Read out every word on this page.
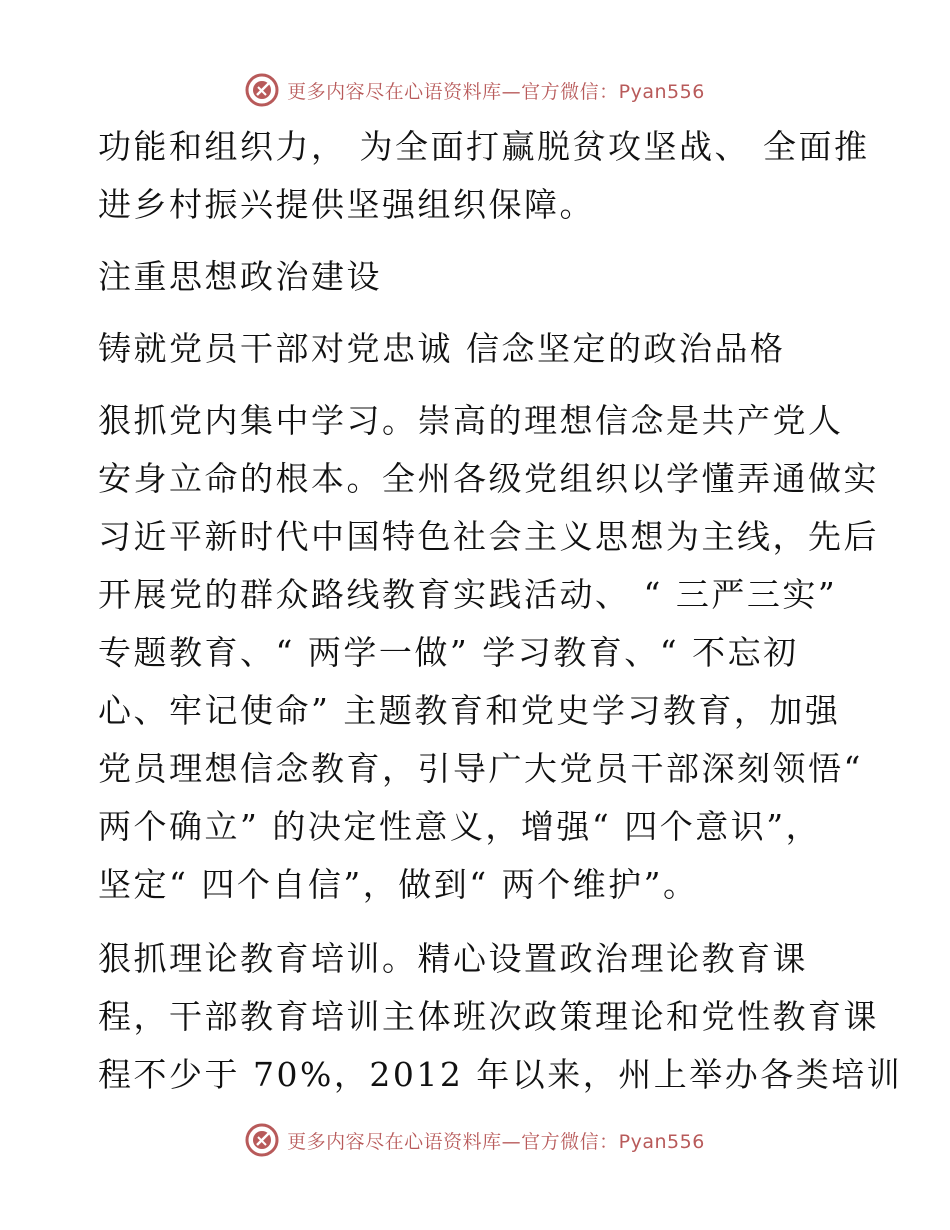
更多内容尽在心语资料库—官方微信：Pyan556

功能和组织力， 为全面打赢脱贫攻坚战、 全面推
进乡村振兴提供坚强组织保障。

注重思想政治建设

铸就党员干部对党忠诚 信念坚定的政治品格

狠抓党内集中学习。崇高的理想信念是共产党人
安身立命的根本。全州各级党组织以学懂弄通做实
习近平新时代中国特色社会主义思想为主线，先后
开展党的群众路线教育实践活动、 “ 三严三实”
专题教育、“ 两学一做” 学习教育、“ 不忘初
心、牢记使命” 主题教育和党史学习教育，加强
党员理想信念教育，引导广大党员干部深刻领悟“
两个确立” 的决定性意义，增强“ 四个意识”，
坚定“ 四个自信”，做到“ 两个维护”。

狠抓理论教育培训。精心设置政治理论教育课
程，干部教育培训主体班次政策理论和党性教育课
程不少于 70%，2012 年以来，州上举办各类培训

更多内容尽在心语资料库—官方微信：Pyan556
